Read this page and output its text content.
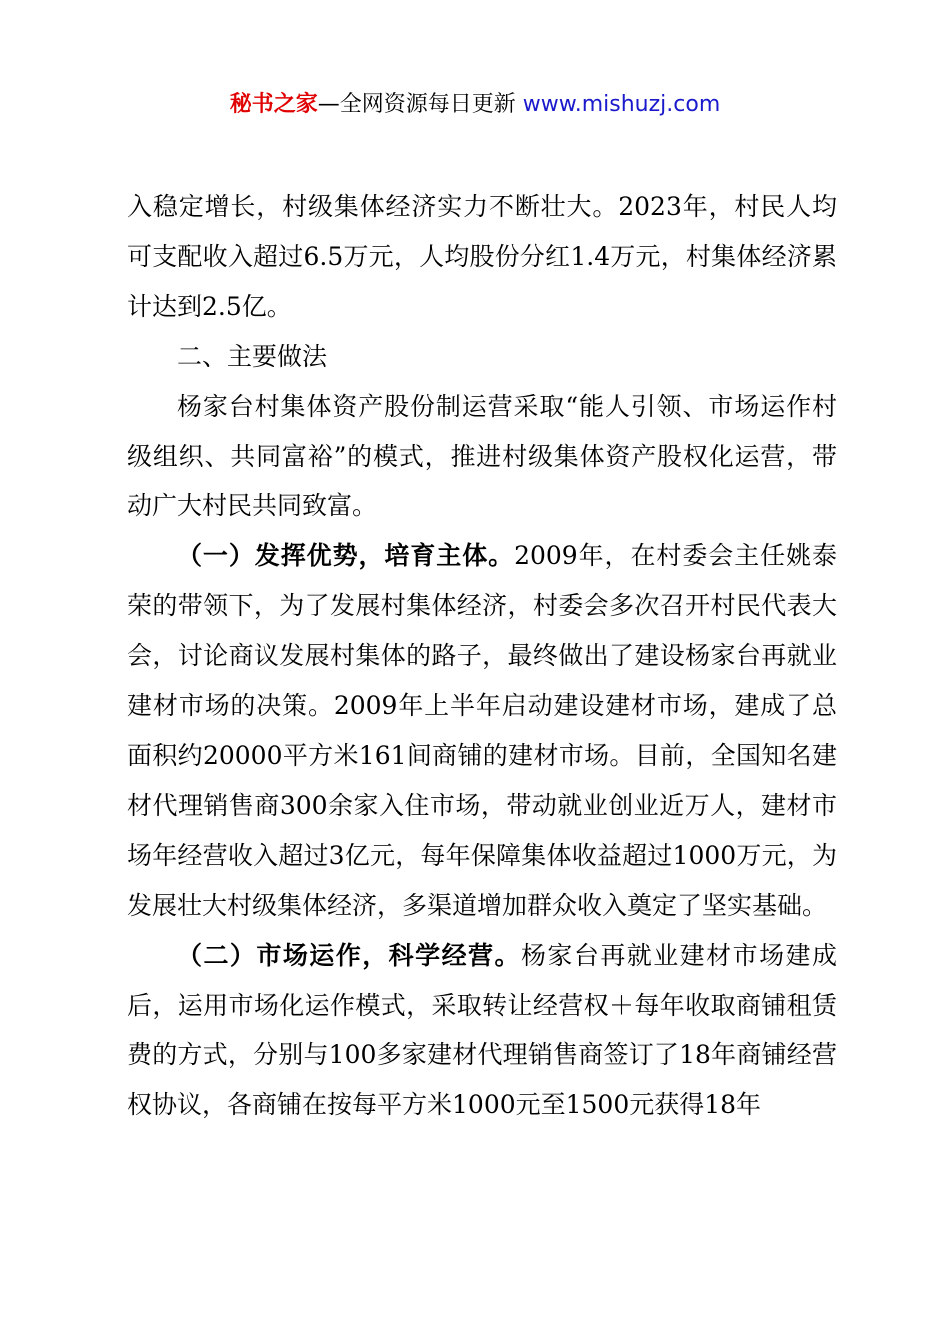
秘书之家—全网资源每日更新 www.mishuzj.com

入稳定增长，村级集体经济实力不断壮大。2023年，村民人均可支配收入超过6.5万元，人均股份分红1.4万元，村集体经济累计达到2.5亿。

二、主要做法

杨家台村集体资产股份制运营采取“能人引领、市场运作村级组织、共同富裕”的模式，推进村级集体资产股权化运营，带动广大村民共同致富。

（一）发挥优势，培育主体。2009年，在村委会主任姚泰荣的带领下，为了发展村集体经济，村委会多次召开村民代表大会，讨论商议发展村集体的路子，最终做出了建设杨家台再就业建材市场的决策。2009年上半年启动建设建材市场，建成了总面积约20000平方米161间商铺的建材市场。目前，全国知名建材代理销售商300余家入住市场，带动就业创业近万人，建材市场年经营收入超过3亿元，每年保障集体收益超过1000万元，为发展壮大村级集体经济，多渠道增加群众收入奠定了坚实基础。

（二）市场运作，科学经营。杨家台再就业建材市场建成后，运用市场化运作模式，采取转让经营权＋每年收取商铺租赁费的方式，分别与100多家建材代理销售商签订了18年商铺经营权协议，各商铺在按每平方米1000元至1500元获得18年
